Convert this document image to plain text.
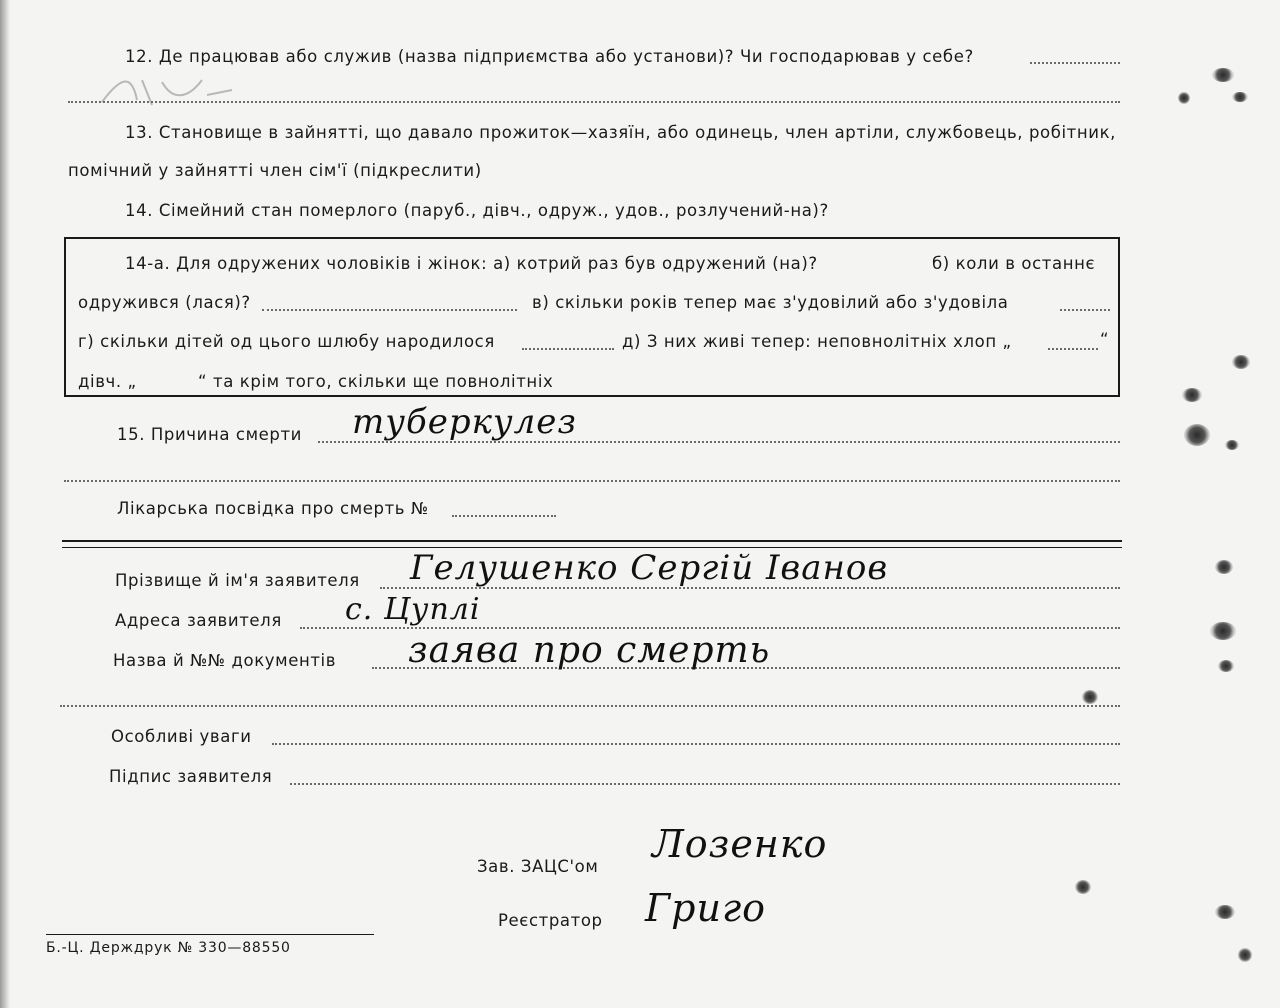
12. Де працював або служив (назва підприємства або установи)? Чи господарював у себе?
13. Становище в зайнятті, що давало прожиток—хазяїн, або одинець, член артіли, службовець, робітник,
помічний у зайнятті член сім'ї (підкреслити)
14. Сімейний стан померлого (паруб., дівч., одруж., удов., розлучений-на)?
14-а. Для одружених чоловіків і жінок: а) котрий раз був одружений (на)?	б) коли в останнє
одружився (лася)?	в) скільки років тепер має з'удовілий або з'удовіла
г) скільки дітей од цього шлюбу народилося	д) З них живі тепер: неповнолітніх хлоп „	“
дівч. „	“ та крім того, скільки ще повнолітніх
15. Причина смерти туберкулез
Лікарська посвідка про смерть №
Прізвище й ім'я заявителя Гелушенко Сергій Іванов
Адреса заявителя с. Цуплі
Назва й №№ документів заява про смерть
Особливі уваги
Підпис заявителя
Зав. ЗАЦС'ом
Лозенко
Реєстратор Григо
Б.-Ц. Держдрук № 330—88550
